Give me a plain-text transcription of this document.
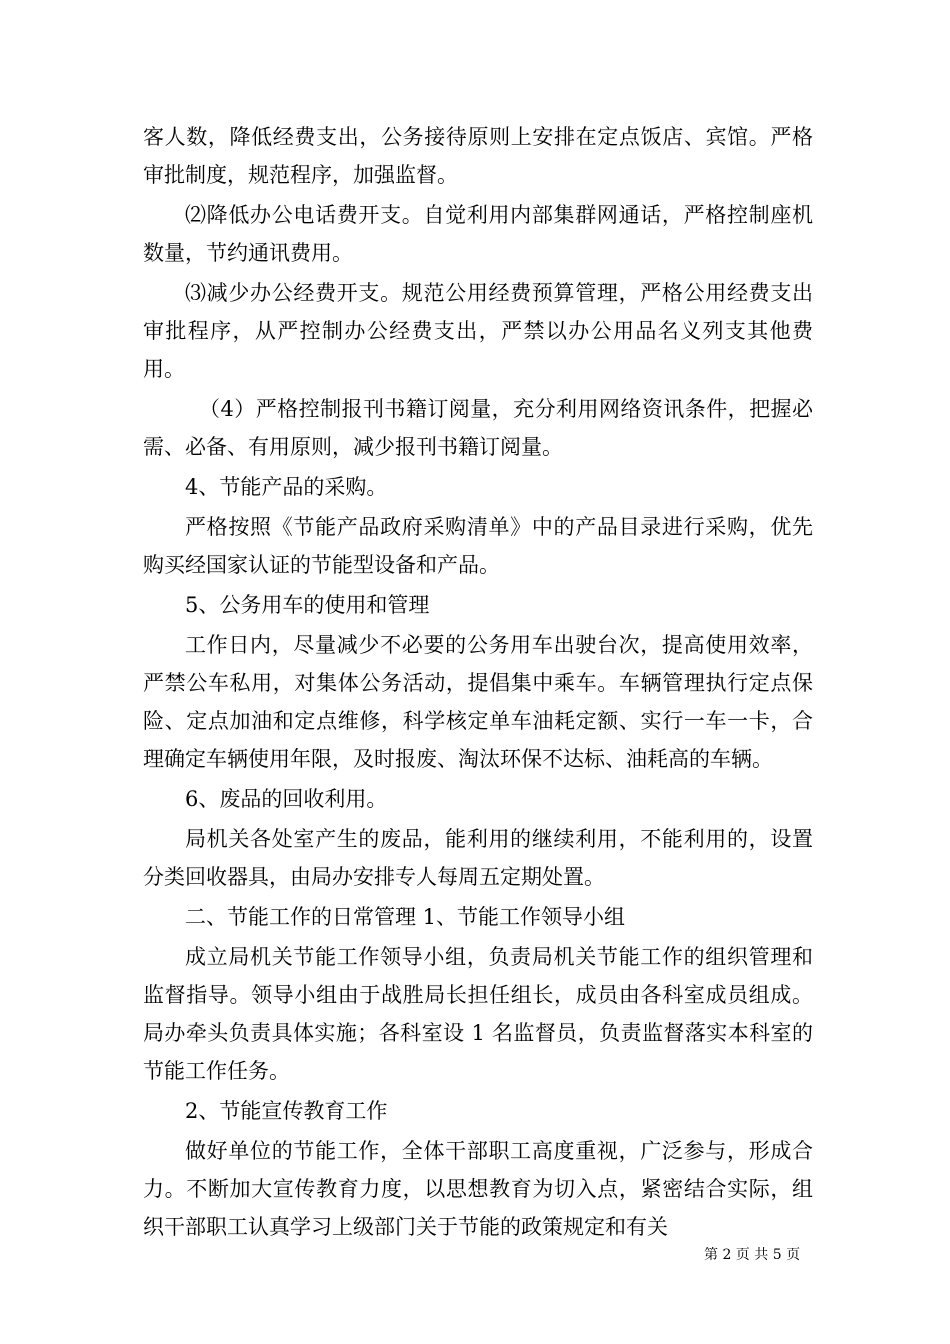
客人数，降低经费支出，公务接待原则上安排在定点饭店、宾馆。严格审批制度，规范程序，加强监督。

⑵降低办公电话费开支。自觉利用内部集群网通话，严格控制座机数量，节约通讯费用。

⑶减少办公经费开支。规范公用经费预算管理，严格公用经费支出审批程序，从严控制办公经费支出，严禁以办公用品名义列支其他费用。

（4）严格控制报刊书籍订阅量，充分利用网络资讯条件，把握必需、必备、有用原则，减少报刊书籍订阅量。

4、节能产品的采购。

严格按照《节能产品政府采购清单》中的产品目录进行采购，优先购买经国家认证的节能型设备和产品。

5、公务用车的使用和管理

工作日内，尽量减少不必要的公务用车出驶台次，提高使用效率，严禁公车私用，对集体公务活动，提倡集中乘车。车辆管理执行定点保险、定点加油和定点维修，科学核定单车油耗定额、实行一车一卡，合理确定车辆使用年限，及时报废、淘汰环保不达标、油耗高的车辆。

6、废品的回收利用。

局机关各处室产生的废品，能利用的继续利用，不能利用的，设置分类回收器具，由局办安排专人每周五定期处置。

二、节能工作的日常管理 1、节能工作领导小组

成立局机关节能工作领导小组，负责局机关节能工作的组织管理和监督指导。领导小组由于战胜局长担任组长，成员由各科室成员组成。局办牵头负责具体实施；各科室设 1 名监督员，负责监督落实本科室的节能工作任务。

2、节能宣传教育工作

做好单位的节能工作，全体干部职工高度重视，广泛参与，形成合力。不断加大宣传教育力度，以思想教育为切入点，紧密结合实际，组织干部职工认真学习上级部门关于节能的政策规定和有关

第 2 页 共 5 页
